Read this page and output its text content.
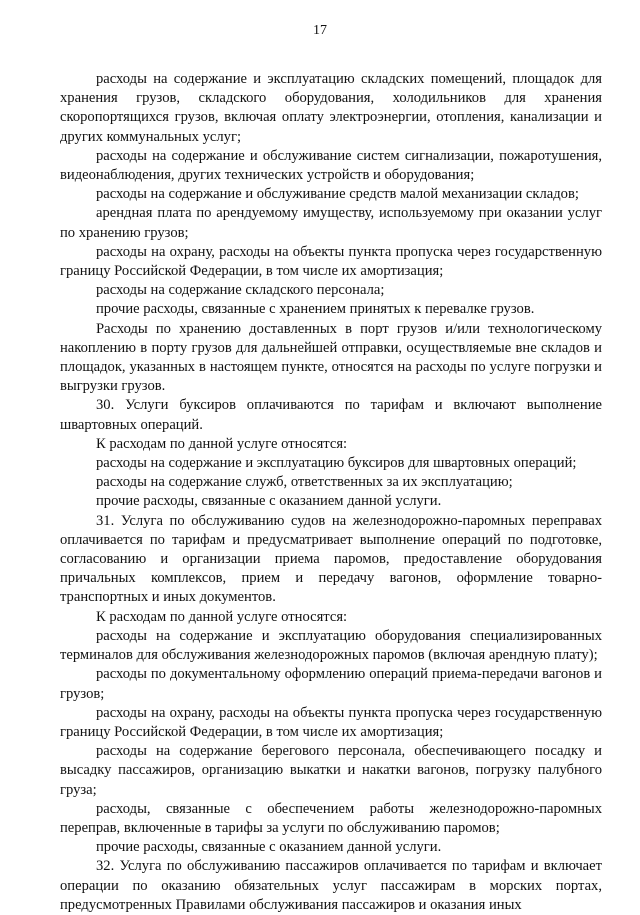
17

расходы на содержание и эксплуатацию складских помещений, площадок для хранения грузов, складского оборудования, холодильников для хранения скоропортящихся грузов, включая оплату электроэнергии, отопления, канализации и других коммунальных услуг;

расходы на содержание и обслуживание систем сигнализации, пожаротушения, видеонаблюдения, других технических устройств и оборудования;

расходы на содержание и обслуживание средств малой механизации складов;

арендная плата по арендуемому имуществу, используемому при оказании услуг по хранению грузов;

расходы на охрану, расходы на объекты пункта пропуска через государственную границу Российской Федерации, в том числе их амортизация;

расходы на содержание складского персонала;

прочие расходы, связанные с хранением принятых к перевалке грузов.

Расходы по хранению доставленных в порт грузов и/или технологическому накоплению в порту грузов для дальнейшей отправки, осуществляемые вне складов и площадок, указанных в настоящем пункте, относятся на расходы по услуге погрузки и выгрузки грузов.

30. Услуги буксиров оплачиваются по тарифам и включают выполнение швартовных операций.

К расходам по данной услуге относятся:

расходы на содержание и эксплуатацию буксиров для швартовных операций;

расходы на содержание служб, ответственных за их эксплуатацию;

прочие расходы, связанные с оказанием данной услуги.

31. Услуга по обслуживанию судов на железнодорожно-паромных переправах оплачивается по тарифам и предусматривает выполнение операций по подготовке, согласованию и организации приема паромов, предоставление оборудования причальных комплексов, прием и передачу вагонов, оформление товарно-транспортных и иных документов.

К расходам по данной услуге относятся:

расходы на содержание и эксплуатацию оборудования специализированных терминалов для обслуживания железнодорожных паромов (включая арендную плату);

расходы по документальному оформлению операций приема-передачи вагонов и грузов;

расходы на охрану, расходы на объекты пункта пропуска через государственную границу Российской Федерации, в том числе их амортизация;

расходы на содержание берегового персонала, обеспечивающего посадку и высадку пассажиров, организацию выкатки и накатки вагонов, погрузку палубного груза;

расходы, связанные с обеспечением работы железнодорожно-паромных переправ, включенные в тарифы за услуги по обслуживанию паромов;

прочие расходы, связанные с оказанием данной услуги.

32. Услуга по обслуживанию пассажиров оплачивается по тарифам и включает операции по оказанию обязательных услуг пассажирам в морских портах, предусмотренных Правилами обслуживания пассажиров и оказания иных
